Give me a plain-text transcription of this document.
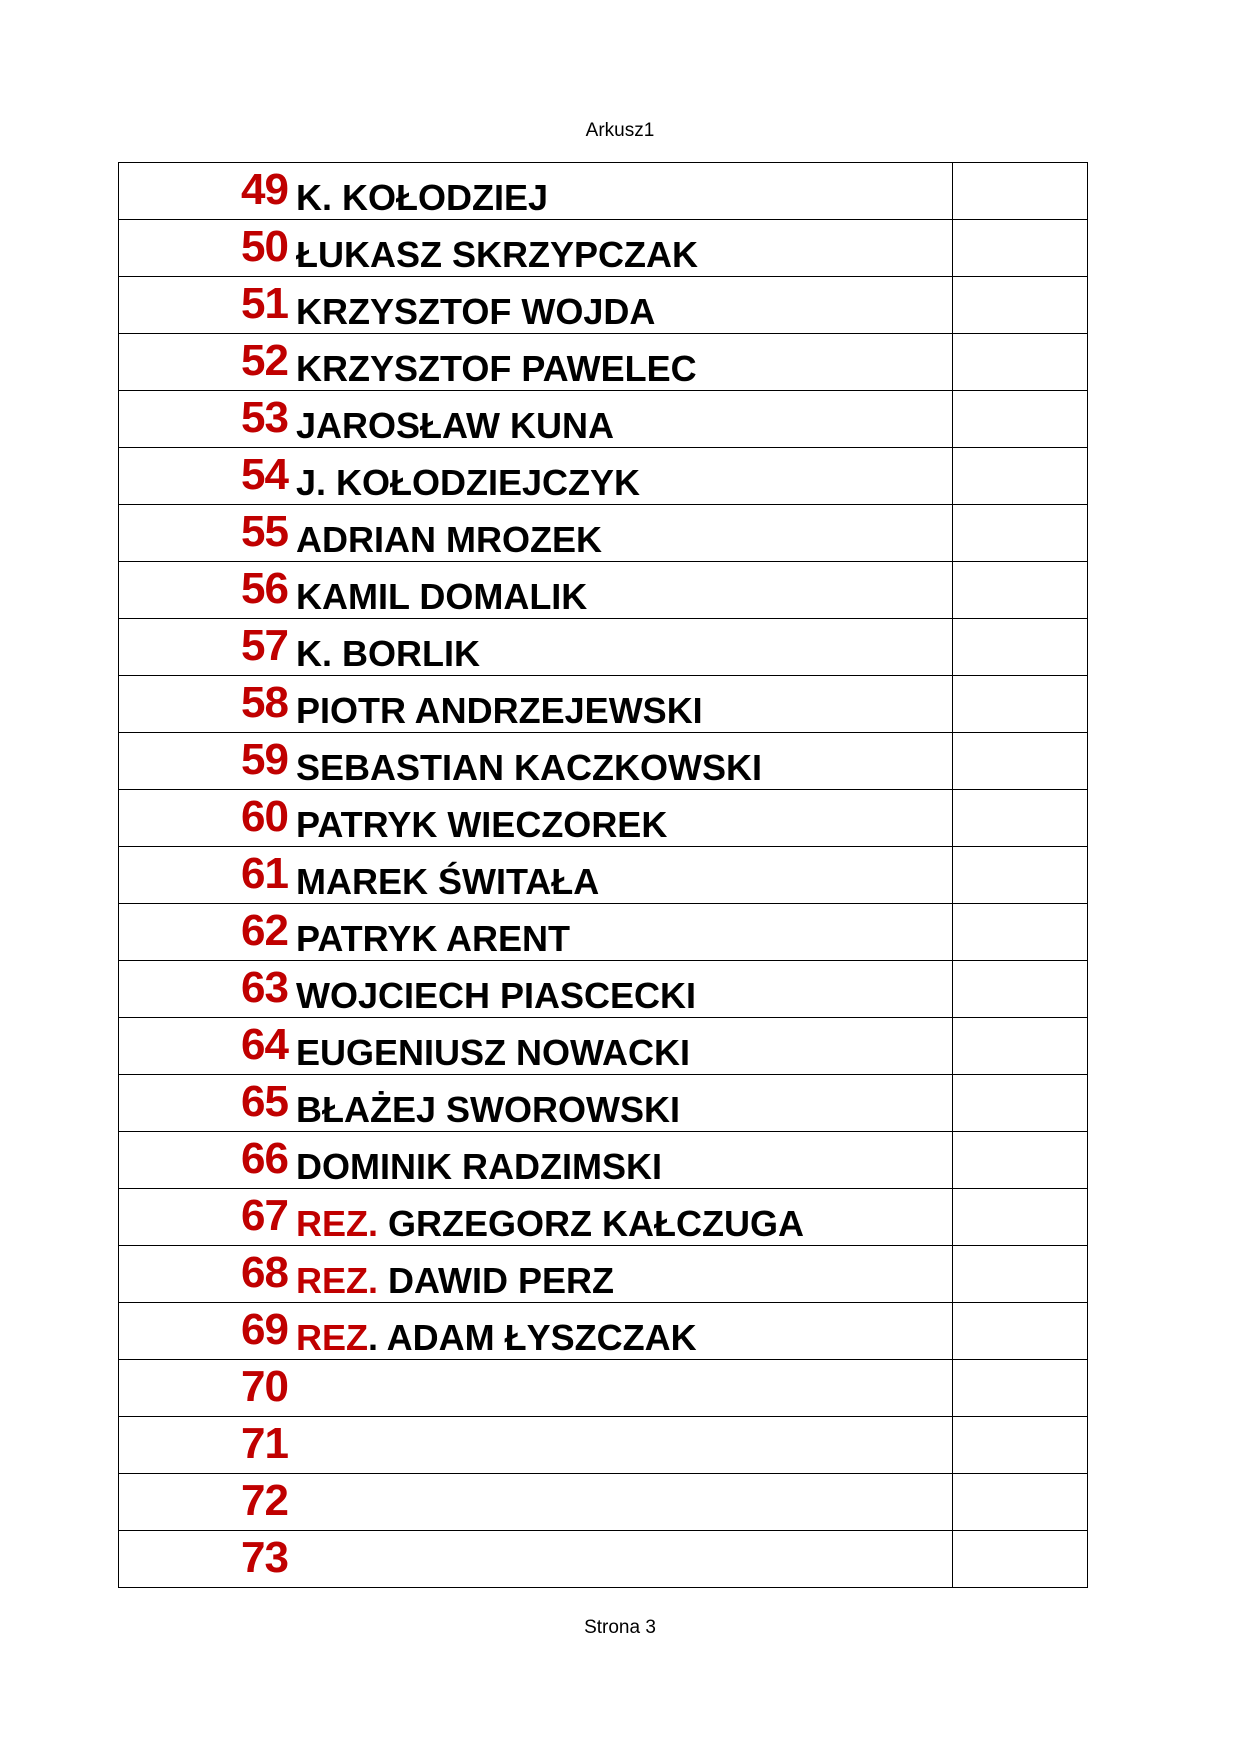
Arkusz1
49 K. KOŁODZIEJ	

50 ŁUKASZ SKRZYPCZAK	

51 KRZYSZTOF WOJDA	

52 KRZYSZTOF PAWELEC	

53 JAROSŁAW KUNA	

54 J. KOŁODZIEJCZYK	

55 ADRIAN MROZEK	

56 KAMIL DOMALIK	

57 K. BORLIK	

58 PIOTR ANDRZEJEWSKI	

59 SEBASTIAN KACZKOWSKI	

60 PATRYK WIECZOREK	

61 MAREK ŚWITAŁA	

62 PATRYK ARENT	

63 WOJCIECH PIASCECKI	

64 EUGENIUSZ NOWACKI	

65 BŁAŻEJ SWOROWSKI	

66 DOMINIK RADZIMSKI	

67 REZ. GRZEGORZ KAŁCZUGA	

68 REZ. DAWID PERZ	

69 REZ. ADAM ŁYSZCZAK	

70	

71	

72	

73	

Strona 3
